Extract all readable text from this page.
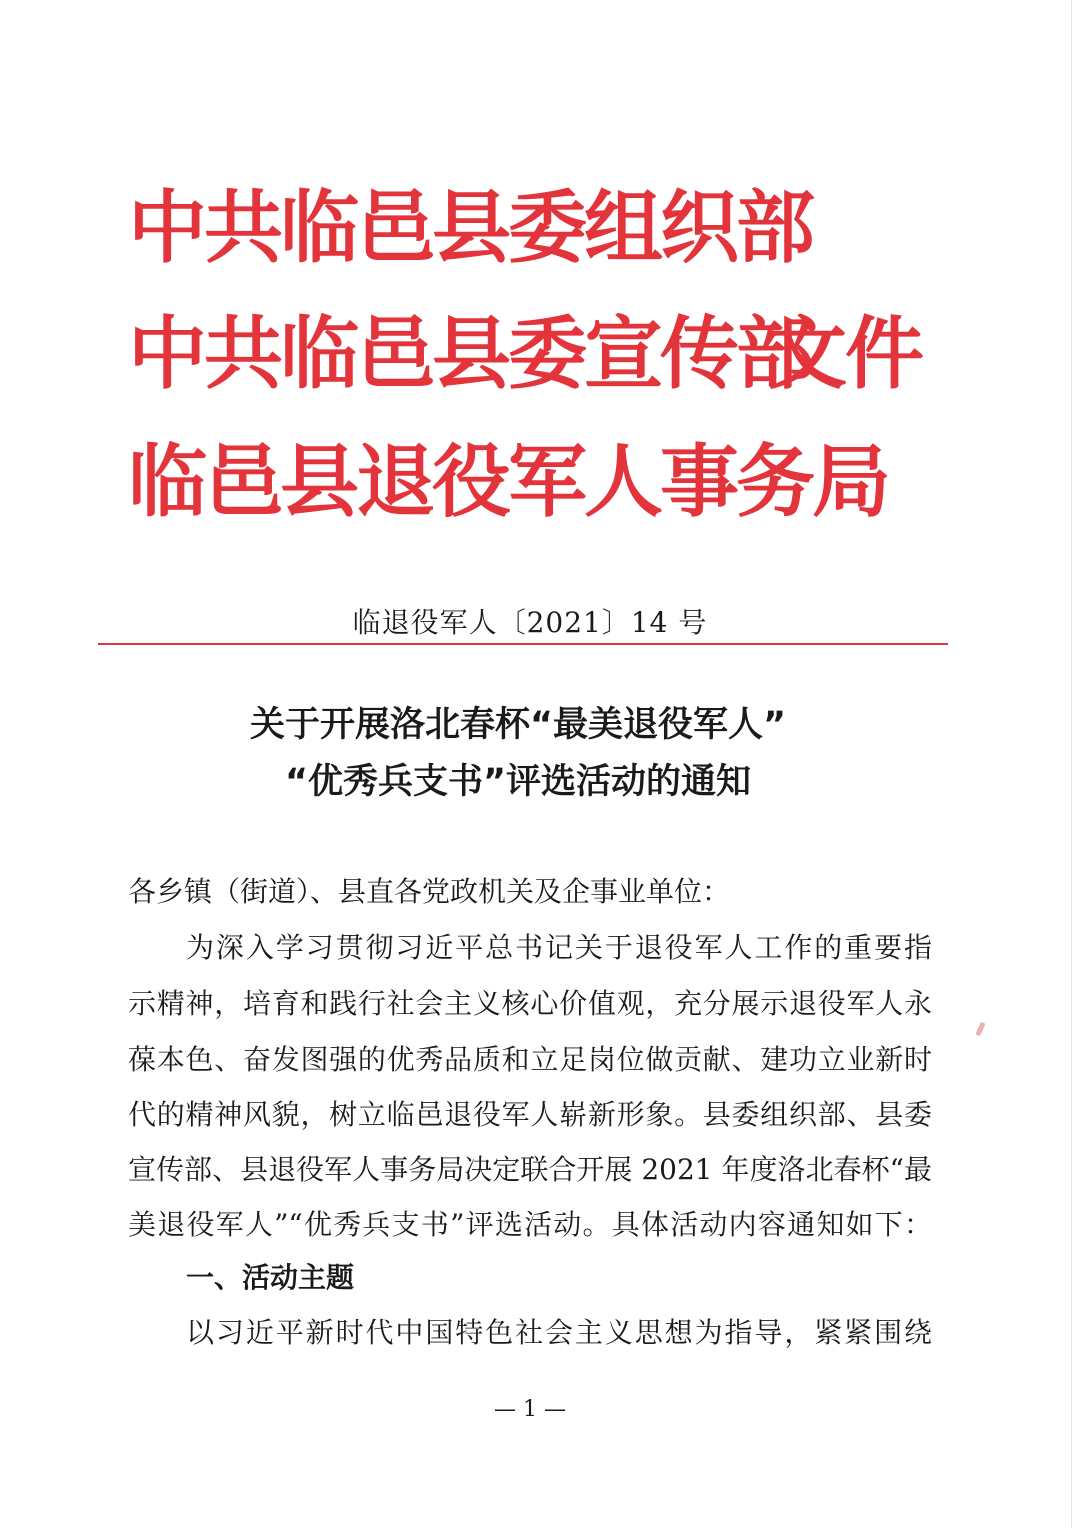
中共临邑县委组织部
中共临邑县委宣传部
文件
临邑县退役军人事务局
临退役军人〔2021〕14 号
关于开展洛北春杯“最美退役军人”
“优秀兵支书”评选活动的通知
各乡镇（街道）、县直各党政机关及企事业单位：
为深入学习贯彻习近平总书记关于退役军人工作的重要指
示精神，培育和践行社会主义核心价值观，充分展示退役军人永
葆本色、奋发图强的优秀品质和立足岗位做贡献、建功立业新时
代的精神风貌，树立临邑退役军人崭新形象。县委组织部、县委
宣传部、县退役军人事务局决定联合开展 2021 年度洛北春杯“最
美退役军人”“优秀兵支书”评选活动。具体活动内容通知如下：
一、活动主题
以习近平新时代中国特色社会主义思想为指导，紧紧围绕
— 1 —
